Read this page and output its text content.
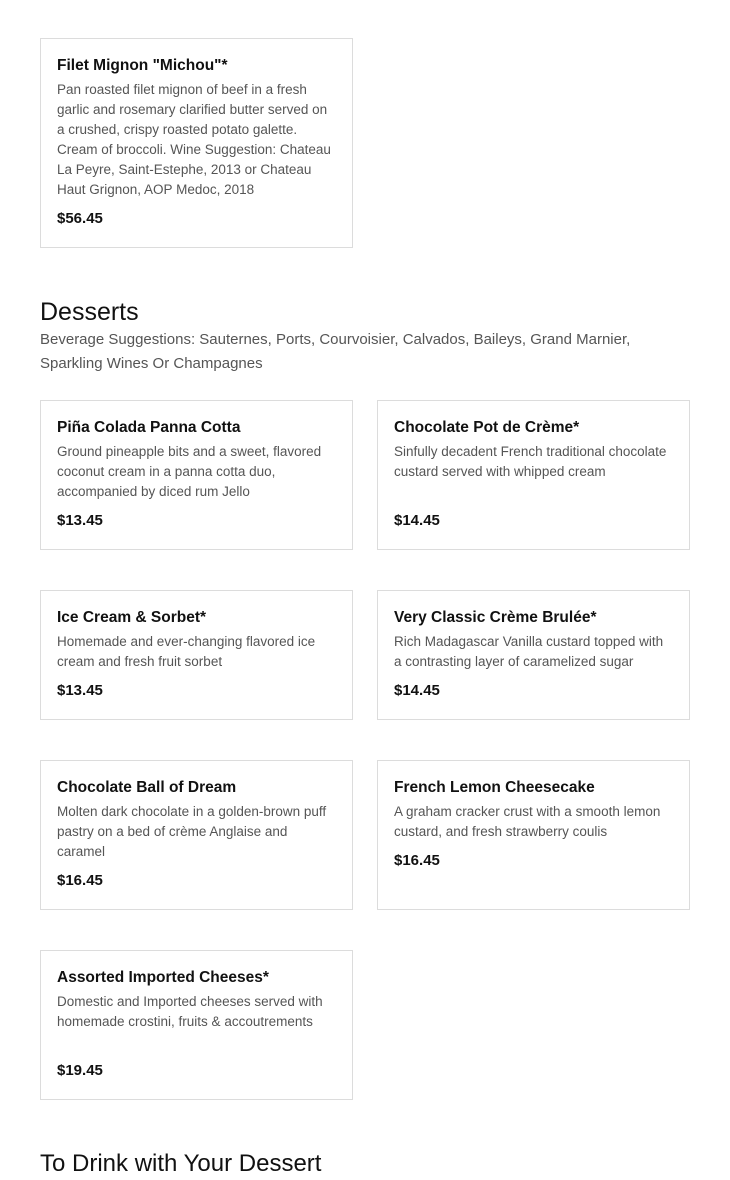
Filet Mignon "Michou"*

Pan roasted filet mignon of beef in a fresh garlic and rosemary clarified butter served on a crushed, crispy roasted potato galette. Cream of broccoli. Wine Suggestion: Chateau La Peyre, Saint-Estephe, 2013 or Chateau Haut Grignon, AOP Medoc, 2018

$56.45
Desserts

Beverage Suggestions: Sauternes, Ports, Courvoisier, Calvados, Baileys, Grand Marnier, Sparkling Wines Or Champagnes

Piña Colada Panna Cotta

Ground pineapple bits and a sweet, flavored coconut cream in a panna cotta duo, accompanied by diced rum Jello

$13.45
Chocolate Pot de Crème*

Sinfully decadent French traditional chocolate custard served with whipped cream

$14.45
Ice Cream & Sorbet*

Homemade and ever-changing flavored ice cream and fresh fruit sorbet

$13.45
Very Classic Crème Brulée*

Rich Madagascar Vanilla custard topped with a contrasting layer of caramelized sugar

$14.45
Chocolate Ball of Dream

Molten dark chocolate in a golden-brown puff pastry on a bed of crème Anglaise and caramel

$16.45
French Lemon Cheesecake

A graham cracker crust with a smooth lemon custard, and fresh strawberry coulis

$16.45
Assorted Imported Cheeses*

Domestic and Imported cheeses served with homemade crostini, fruits & accoutrements

$19.45
To Drink with Your Dessert
